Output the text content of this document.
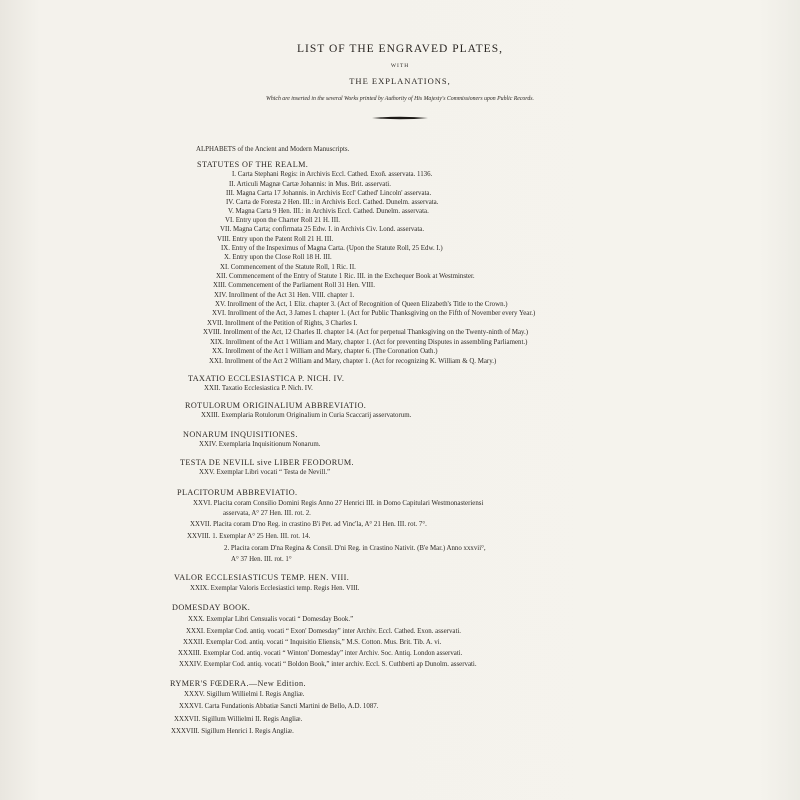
LIST OF THE ENGRAVED PLATES,
WITH
THE EXPLANATIONS,
Which are inserted in the several Works printed by Authority of His Majesty's Commissioners upon Public Records.
ALPHABETS of the Ancient and Modern Manuscripts.
STATUTES OF THE REALM.
I. Carta Stephani Regis: in Archivis Eccl. Cathed. Exoñ. asservata. 1136.
II. Articuli Magnæ Cartæ Johannis: in Mus. Brit. asservati.
III. Magna Carta 17 Johannis. in Archivis Eccl' Cathed' Lincoln' asservata.
IV. Carta de Foresta 2 Hen. III.: in Archivis Eccl. Cathed. Dunelm. asservata.
V. Magna Carta 9 Hen. III.: in Archivis Eccl. Cathed. Dunelm. asservata.
VI. Entry upon the Charter Roll 21 H. III.
VII. Magna Carta; confirmata 25 Edw. I. in Archivis Civ. Lond. asservata.
VIII. Entry upon the Patent Roll 21 H. III.
IX. Entry of the Inspeximus of Magna Carta. (Upon the Statute Roll, 25 Edw. I.)
X. Entry upon the Close Roll 18 H. III.
XI. Commencement of the Statute Roll, 1 Ric. II.
XII. Commencement of the Entry of Statute 1 Ric. III. in the Exchequer Book at Westminster.
XIII. Commencement of the Parliament Roll 31 Hen. VIII.
XIV. Inrollment of the Act 31 Hen. VIII. chapter 1.
XV. Inrollment of the Act, 1 Eliz. chapter 3. (Act of Recognition of Queen Elizabeth's Title to the Crown.)
XVI. Inrollment of the Act, 3 James I. chapter 1. (Act for Public Thanksgiving on the Fifth of November every Year.)
XVII. Inrollment of the Petition of Rights, 3 Charles I.
XVIII. Inrollment of the Act, 12 Charles II. chapter 14. (Act for perpetual Thanksgiving on the Twenty-ninth of May.)
XIX. Inrollment of the Act 1 William and Mary, chapter 1. (Act for preventing Disputes in assembling Parliament.)
XX. Inrollment of the Act 1 William and Mary, chapter 6. (The Coronation Oath.)
XXI. Inrollment of the Act 2 William and Mary, chapter 1. (Act for recognizing K. William & Q. Mary.)
TAXATIO ECCLESIASTICA P. NICH. IV.
XXII. Taxatio Ecclesiastica P. Nich. IV.
ROTULORUM ORIGINALIUM ABBREVIATIO.
XXIII. Exemplaria Rotulorum Originalium in Curia Scaccarij asservatorum.
NONARUM INQUISITIONES.
XXIV. Exemplaria Inquisitionum Nonarum.
TESTA DE NEVILL sive LIBER FEODORUM.
XXV. Exemplar Libri vocati “ Testa de Nevill.”
PLACITORUM ABBREVIATIO.
XXVI. Placita coram Consilio Domini Regis Anno 27 Henrici III. in Domo Capitulari Westmonasteriensi
asservata, A° 27 Hen. III. rot. 2.
XXVII. Placita coram D'no Reg. in crastino B'i Pet. ad Vinc'la, A° 21 Hen. III. rot. 7°.
XXVIII. 1. Exemplar A° 25 Hen. III. rot. 14.
2. Placita coram D'na Regina & Consil. D'ni Reg. in Crastino Nativit. (B'e Mar.) Anno xxxvii°,
A° 37 Hen. III. rot. 1°
VALOR ECCLESIASTICUS TEMP. HEN. VIII.
XXIX. Exemplar Valoris Ecclesiastici temp. Regis Hen. VIII.
DOMESDAY BOOK.
XXX. Exemplar Libri Censualis vocati “ Domesday Book.”
XXXI. Exemplar Cod. antiq. vocati “ Exon' Domesday” inter Archiv. Eccl. Cathed. Exon. asservati.
XXXII. Exemplar Cod. antiq. vocati “ Inquisitio Eliensis,” M.S. Cotton. Mus. Brit. Tib. A. vi.
XXXIII. Exemplar Cod. antiq. vocati “ Winton' Domesday” inter Archiv. Soc. Antiq. London asservati.
XXXIV. Exemplar Cod. antiq. vocati “ Boldon Book,” inter archiv. Eccl. S. Cuthberti ap Dunolm. asservati.
RYMER'S FŒDERA.—New Edition.
XXXV. Sigillum Willielmi I. Regis Angliæ.
XXXVI. Carta Fundationis Abbatiæ Sancti Martini de Bello, A.D. 1087.
XXXVII. Sigillum Willielmi II. Regis Angliæ.
XXXVIII. Sigillum Henrici I. Regis Angliæ.
